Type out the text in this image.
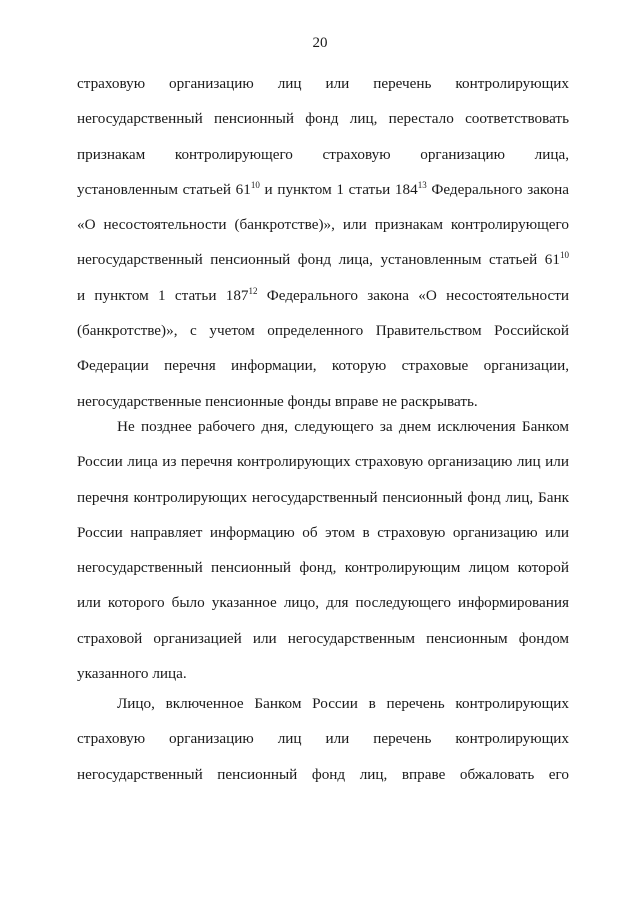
20
страховую организацию лиц или перечень контролирующих
негосударственный пенсионный фонд лиц, перестало соответствовать
признакам контролирующего страховую организацию лица,
установленным статьей $61^{10}$ и пунктом 1 статьи $184^{13}$ Федерального закона
«О несостоятельности (банкротстве)», или признакам контролирующего
негосударственный пенсионный фонд лица, установленным статьей $61^{10}$
и пунктом 1 статьи $187^{12}$ Федерального закона «О несостоятельности
(банкротстве)», с учетом определенного Правительством Российской
Федерации перечня информации, которую страховые организации,
негосударственные пенсионные фонды вправе не раскрывать.
Не позднее рабочего дня, следующего за днем исключения Банком
России лица из перечня контролирующих страховую организацию лиц или
перечня контролирующих негосударственный пенсионный фонд лиц, Банк
России направляет информацию об этом в страховую организацию или
негосударственный пенсионный фонд, контролирующим лицом которой
или которого было указанное лицо, для последующего информирования
страховой организацией или негосударственным пенсионным фондом
указанного лица.
Лицо, включенное Банком России в перечень контролирующих
страховую организацию лиц или перечень контролирующих
негосударственный пенсионный фонд лиц, вправе обжаловать его
